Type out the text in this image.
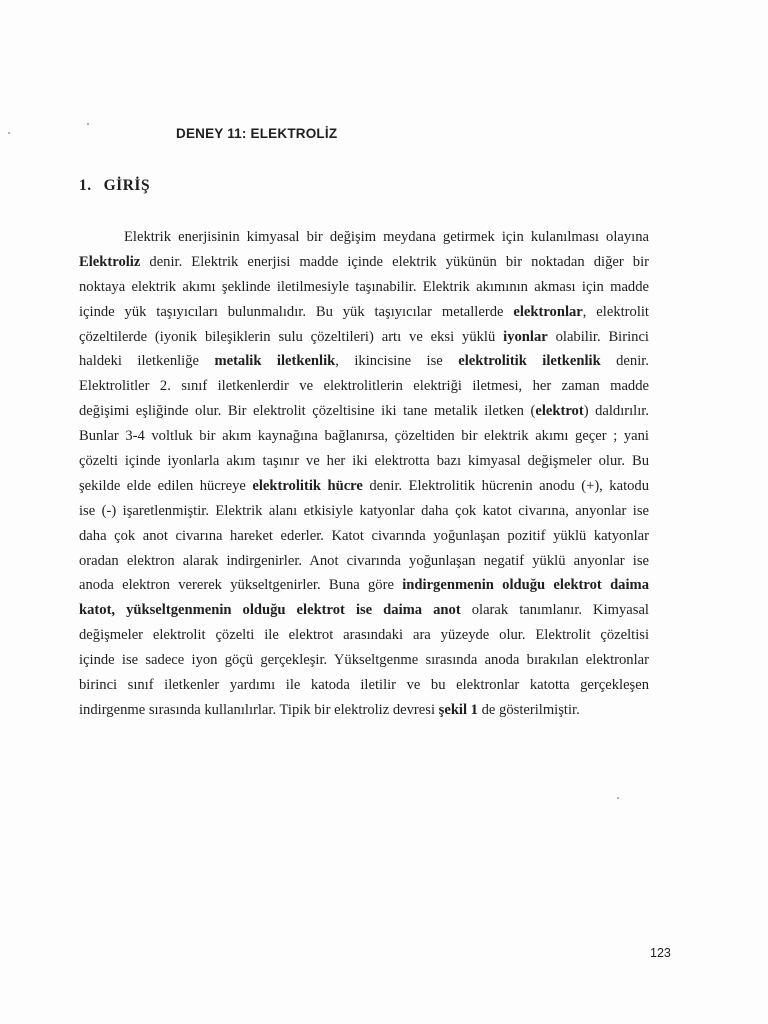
DENEY 11: ELEKTROLİZ
1. GİRİŞ
Elektrik enerjisinin kimyasal bir değişim meydana getirmek için kulanılması olayına
Elektroliz denir. Elektrik enerjisi madde içinde elektrik yükünün bir noktadan diğer bir
noktaya elektrik akımı şeklinde iletilmesiyle taşınabilir. Elektrik akımının akması için madde
içinde yük taşıyıcıları bulunmalıdır. Bu yük taşıyıcılar metallerde elektronlar, elektrolit
çözeltilerde (iyonik bileşiklerin sulu çözeltileri) artı ve eksi yüklü iyonlar olabilir. Birinci
haldeki iletkenliğe metalik iletkenlik, ikincisine ise elektrolitik iletkenlik denir.
Elektrolitler 2. sınıf iletkenlerdir ve elektrolitlerin elektriği iletmesi, her zaman madde
değişimi eşliğinde olur. Bir elektrolit çözeltisine iki tane metalik iletken (elektrot) daldırılır.
Bunlar 3-4 voltluk bir akım kaynağına bağlanırsa, çözeltiden bir elektrik akımı geçer ; yani
çözelti içinde iyonlarla akım taşınır ve her iki elektrotta bazı kimyasal değişmeler olur. Bu
şekilde elde edilen hücreye elektrolitik hücre denir. Elektrolitik hücrenin anodu (+), katodu
ise (-) işaretlenmiştir. Elektrik alanı etkisiyle katyonlar daha çok katot civarına, anyonlar ise
daha çok anot civarına hareket ederler. Katot civarında yoğunlaşan pozitif yüklü katyonlar
oradan elektron alarak indirgenirler. Anot civarında yoğunlaşan negatif yüklü anyonlar ise
anoda elektron vererek yükseltgenirler. Buna göre indirgenmenin olduğu elektrot daima
katot, yükseltgenmenin olduğu elektrot ise daima anot olarak tanımlanır. Kimyasal
değişmeler elektrolit çözelti ile elektrot arasındaki ara yüzeyde olur. Elektrolit çözeltisi
içinde ise sadece iyon göçü gerçekleşir. Yükseltgenme sırasında anoda bırakılan elektronlar
birinci sınıf iletkenler yardımı ile katoda iletilir ve bu elektronlar katotta gerçekleşen
indirgenme sırasında kullanılırlar. Tipik bir elektroliz devresi şekil 1 de gösterilmiştir.
123
